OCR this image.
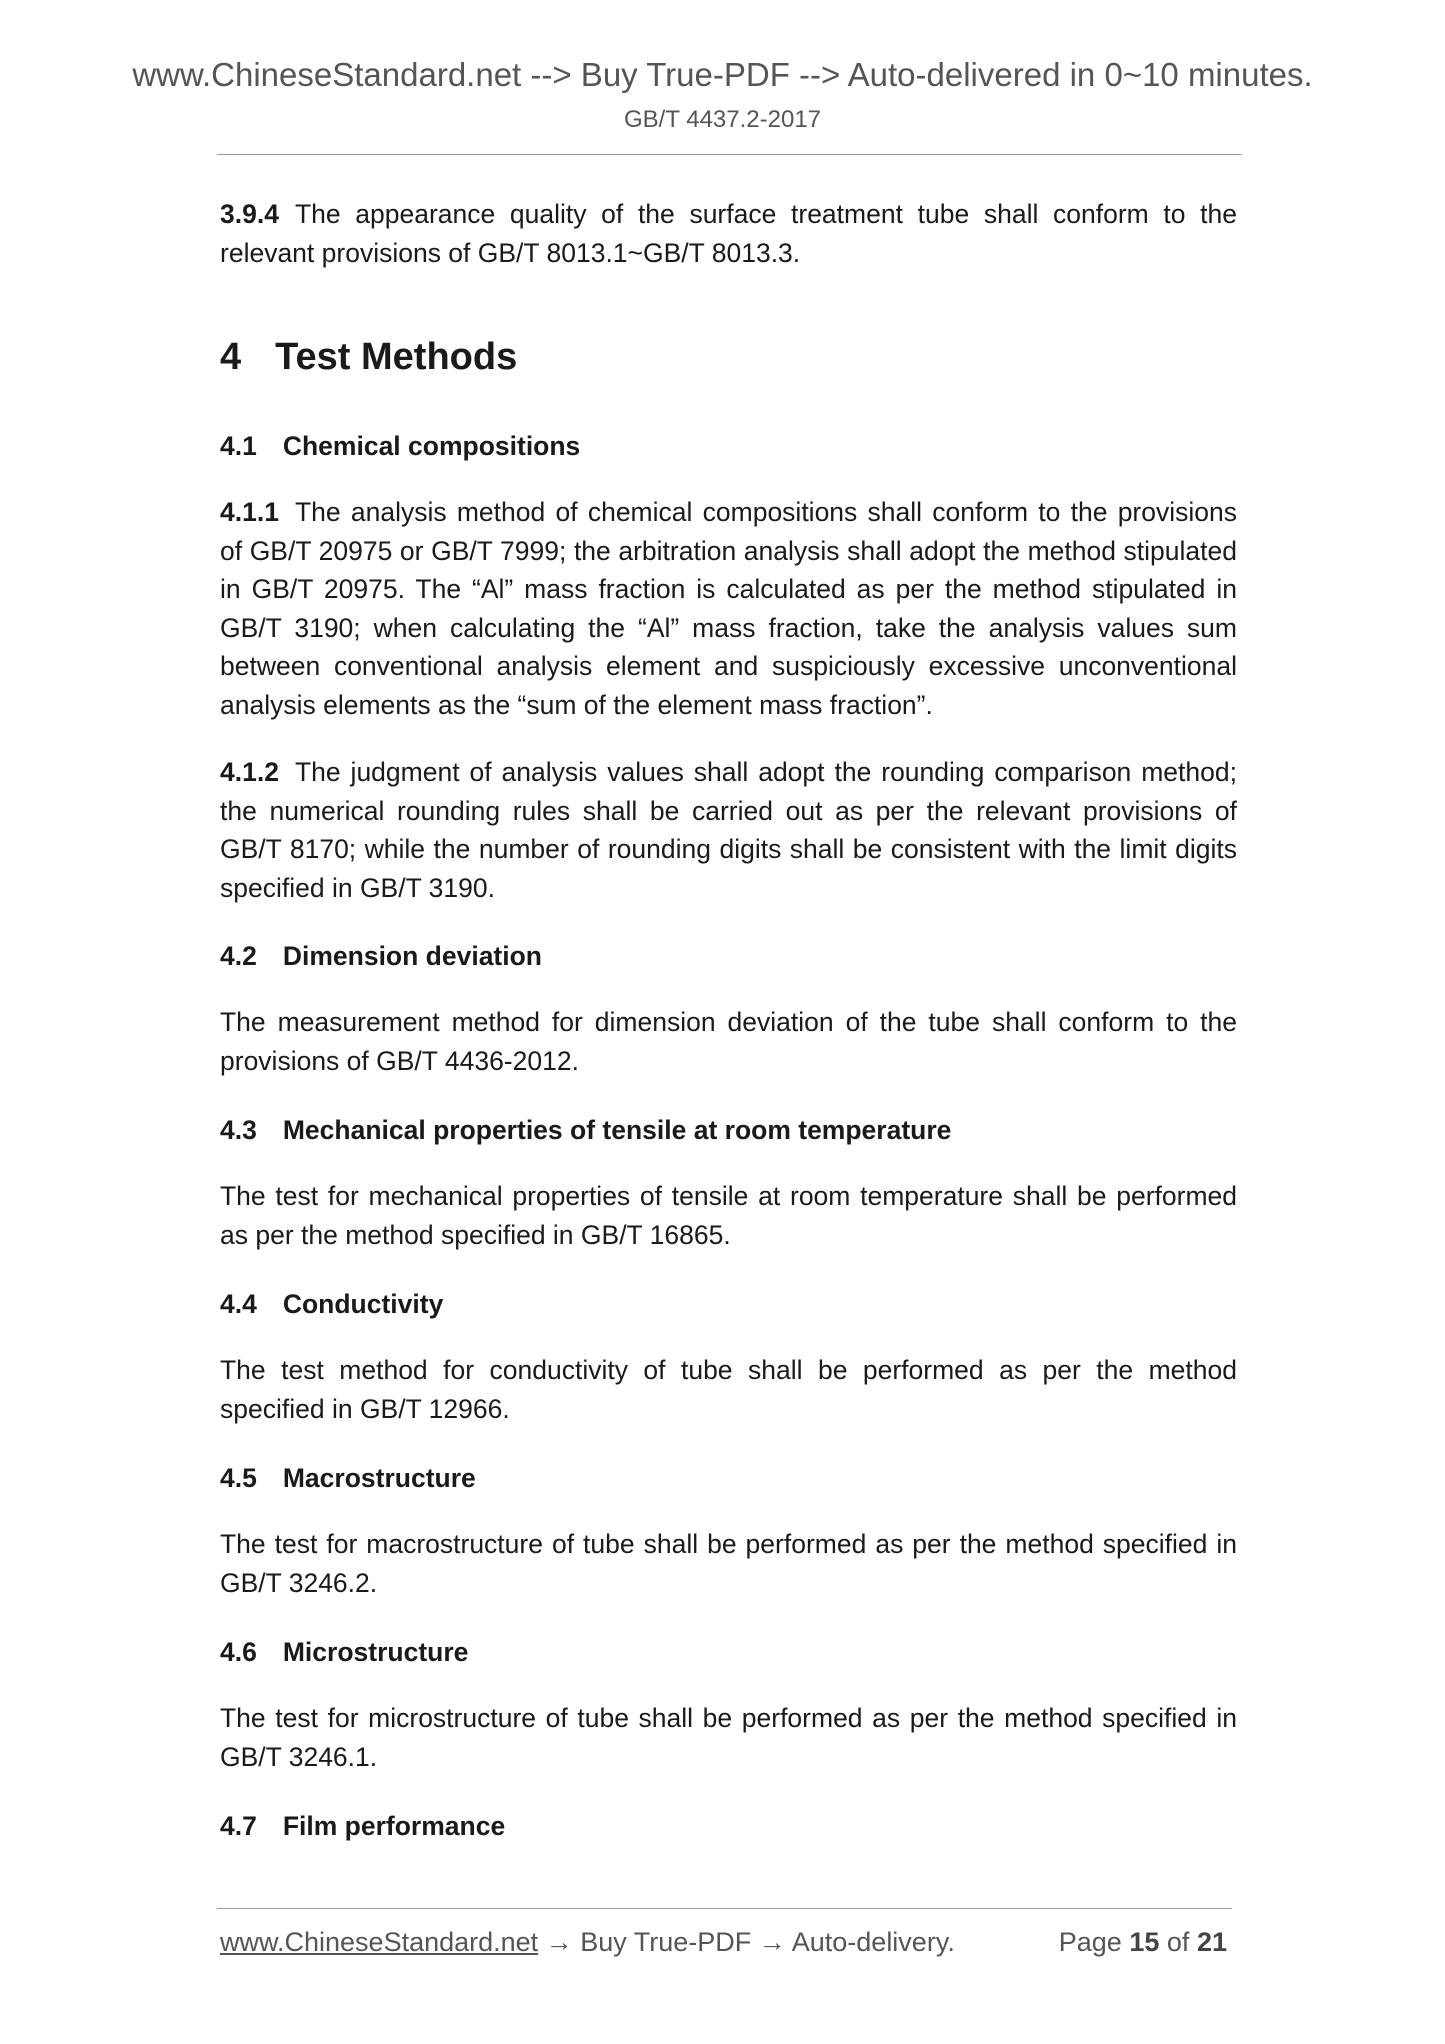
www.ChineseStandard.net --> Buy True-PDF --> Auto-delivered in 0~10 minutes.
GB/T 4437.2-2017

3.9.4 The appearance quality of the surface treatment tube shall conform to the relevant provisions of GB/T 8013.1~GB/T 8013.3.

4 Test Methods
4.1 Chemical compositions

4.1.1 The analysis method of chemical compositions shall conform to the provisions of GB/T 20975 or GB/T 7999; the arbitration analysis shall adopt the method stipulated in GB/T 20975. The “Al” mass fraction is calculated as per the method stipulated in GB/T 3190; when calculating the “Al” mass fraction, take the analysis values sum between conventional analysis element and suspiciously excessive unconventional analysis elements as the “sum of the element mass fraction”.

4.1.2 The judgment of analysis values shall adopt the rounding comparison method; the numerical rounding rules shall be carried out as per the relevant provisions of GB/T 8170; while the number of rounding digits shall be consistent with the limit digits specified in GB/T 3190.

4.2 Dimension deviation

The measurement method for dimension deviation of the tube shall conform to the provisions of GB/T 4436-2012.

4.3 Mechanical properties of tensile at room temperature

The test for mechanical properties of tensile at room temperature shall be performed as per the method specified in GB/T 16865.

4.4 Conductivity

The test method for conductivity of tube shall be performed as per the method specified in GB/T 12966.

4.5 Macrostructure

The test for macrostructure of tube shall be performed as per the method specified in GB/T 3246.2.

4.6 Microstructure

The test for microstructure of tube shall be performed as per the method specified in GB/T 3246.1.

4.7 Film performance
www.ChineseStandard.net → Buy True-PDF → Auto-delivery.	Page 15 of 21
